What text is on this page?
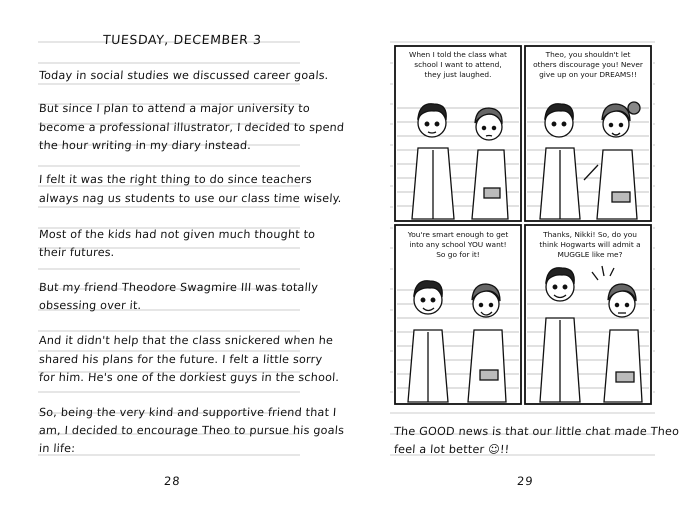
TUESDAY, DECEMBER 3
Today in social studies we discussed career goals.
But since I plan to attend a major university to
become a professional illustrator, I decided to spend
the hour writing in my diary instead.
I felt it was the right thing to do since teachers
always nag us students to use our class time wisely.
Most of the kids had not given much thought to
their futures.
But my friend Theodore Swagmire III was totally
obsessing over it.
And it didn't help that the class snickered when he
shared his plans for the future. I felt a little sorry
for him. He's one of the dorkiest guys in the school.
So, being the very kind and supportive friend that I
am, I decided to encourage Theo to pursue his goals
in life:
28
When I told the class what
school I want to attend,
they just laughed.
Theo, you shouldn't let
others discourage you! Never
give up on your DREAMS!!
You're smart enough to get
into any school YOU want!
So go for it!
Thanks, Nikki! So, do you
think Hogwarts will admit a
MUGGLE like me?
The GOOD news is that our little chat made Theo
feel a lot better ☺!!
29
